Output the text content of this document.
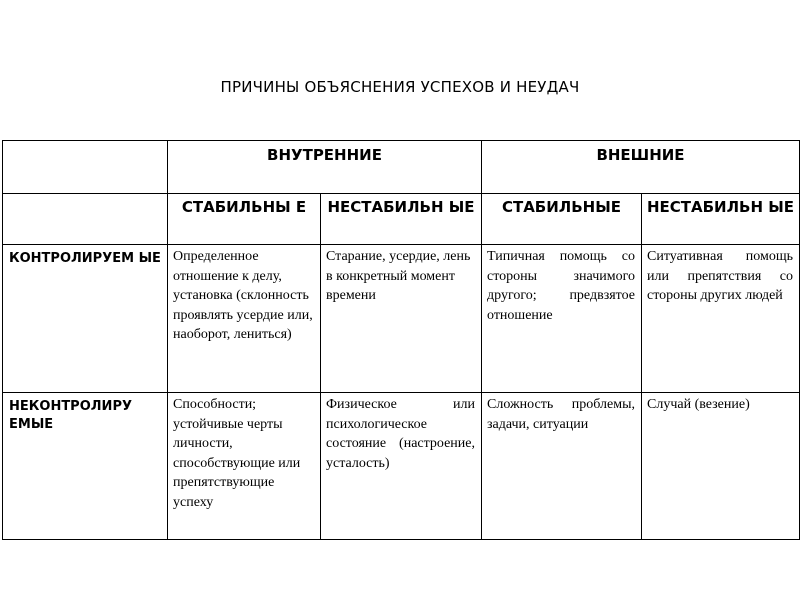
ПРИЧИНЫ ОБЪЯСНЕНИЯ УСПЕХОВ И НЕУДАЧ
	ВНУТРЕННИЕ		ВНЕШНИЕ	
	СТАБИЛЬНЫ Е	НЕСТАБИЛЬН ЫЕ	СТАБИЛЬНЫЕ	НЕСТАБИЛЬН ЫЕ
КОНТРОЛИРУЕМ ЫЕ	Определенное отношение к делу, установка (склонность проявлять усердие или, наоборот, лениться)	Старание, усердие, лень в конкретный момент времени	Типичная помощь со стороны значимого другого; предвзятое отношение	Ситуативная помощь или препятствия со стороны других людей
НЕКОНТРОЛИРУ ЕМЫЕ	Способности; устойчивые черты личности, способствующие или препятствующие успеху	Физическое или психологическое состояние (настроение, усталость)	Сложность проблемы, задачи, ситуации	Случай (везение)
